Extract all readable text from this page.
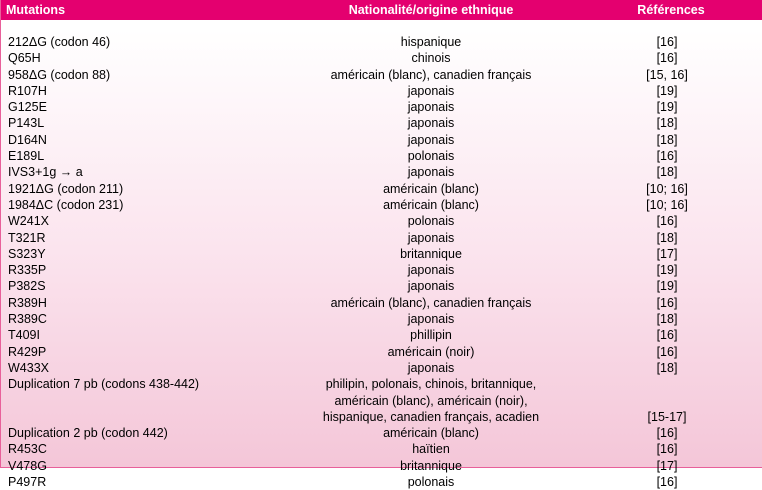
Mutations	Nationalité/origine ethnique	Références
212ΔG (codon 46)	hispanique	[16]
Q65H	chinois	[16]
958ΔG (codon 88)	américain (blanc), canadien français	[15, 16]
R107H	japonais	[19]
G125E	japonais	[19]
P143L	japonais	[18]
D164N	japonais	[18]
E189L	polonais	[16]
IVS3+1g → a	japonais	[18]
1921ΔG (codon 211)	américain (blanc)	[10; 16]
1984ΔC (codon 231)	américain (blanc)	[10; 16]
W241X	polonais	[16]
T321R	japonais	[18]
S323Y	britannique	[17]
R335P	japonais	[19]
P382S	japonais	[19]
R389H	américain (blanc), canadien français	[16]
R389C	japonais	[18]
T409I	phillipin	[16]
R429P	américain (noir)	[16]
W433X	japonais	[18]
Duplication 7 pb (codons 438-442)	philipin, polonais, chinois, britannique,
américain (blanc), américain (noir),
hispanique, canadien français, acadien	[15-17]
Duplication 2 pb (codon 442)	américain (blanc)	[16]
R453C	haïtien	[16]
V478G	britannique	[17]
P497R	polonais	[16]
